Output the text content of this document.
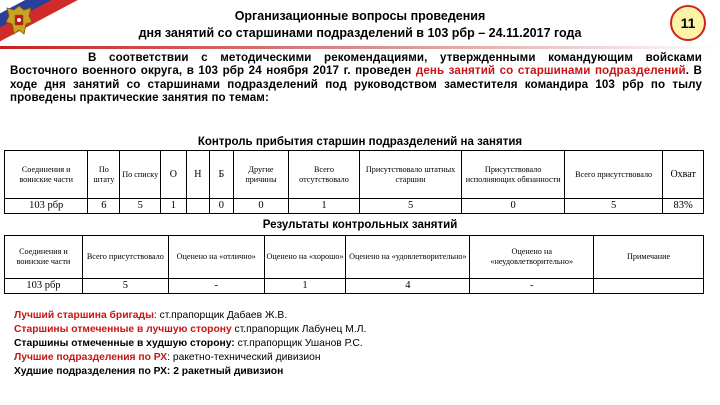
Организационные вопросы проведения
дня занятий со старшинами подразделений в 103 рбр – 24.11.2017 года
11
В соответствии с методическими рекомендациями, утвержденными командующим войсками Восточного военного округа, в 103 рбр 24 ноября 2017 г. проведен день занятий со старшинами подразделений. В ходе дня занятий со старшинами подразделений под руководством заместителя командира 103 рбр по тылу проведены практические занятия по темам:
Контроль прибытия старшин подразделений на занятия
Соединения и воинские части	По штату	По списку	О	Н	Б	Другие причины	Всего отсутствовало	Присутствовало штатных старшин	Присутствовало исполняющих обязанности	Всего присутствовало	Охват
103 рбр	6	5	1		0	0	1	5	0	5	83%
Результаты контрольных занятий
Соединения и воинские части	Всего присутствовало	Оценено на «отлично»	Оценено на «хорошо»	Оценено на «удовлетворительно»	Оценено на «неудовлетворительно»	Примечание
103 рбр	5	-	1	4	-	
Лучший старшина бригады: ст.прапорщик Дабаев Ж.В.
Старшины отмеченные в лучшую сторону ст.прапорщик Лабунец М.Л.
Старшины отмеченные в худшую сторону: ст.прапорщик Ушанов Р.С.
Лучшие подразделения по РХ: ракетно-технический дивизион
Худшие подразделения по РХ: 2 ракетный дивизион
